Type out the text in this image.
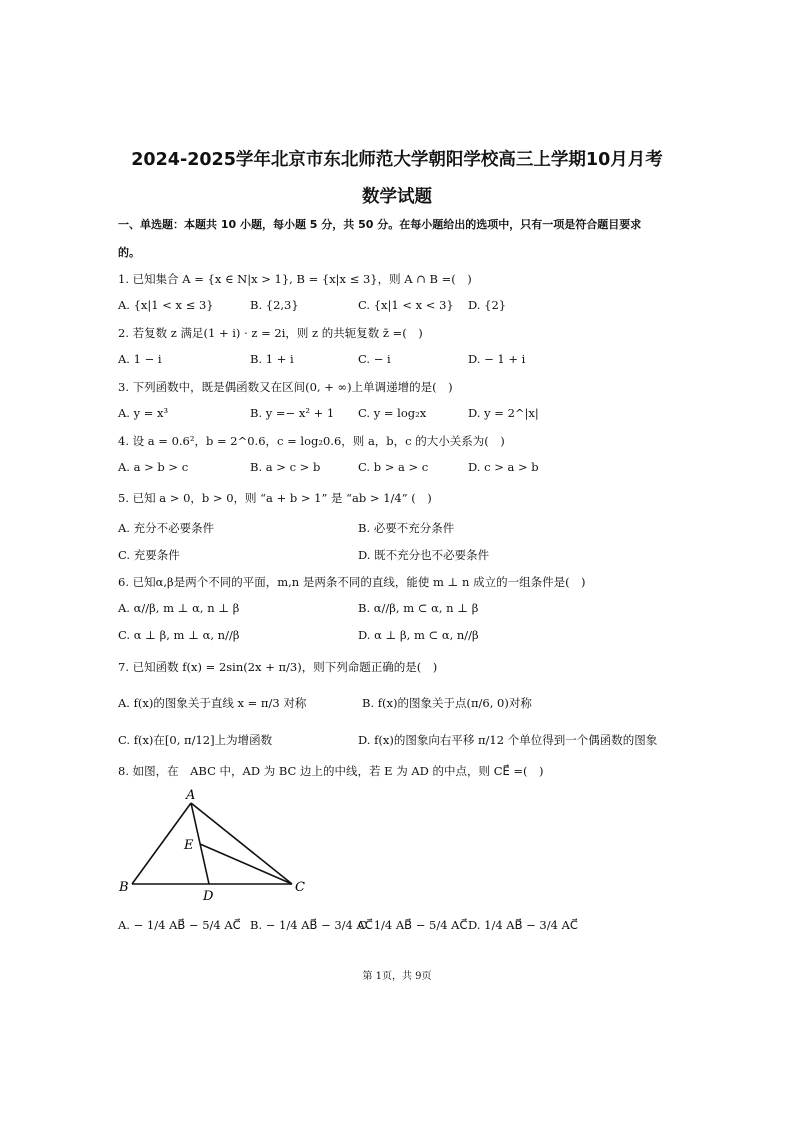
2024-2025学年北京市东北师范大学朝阳学校高三上学期10月月考
数学试题
一、单选题：本题共 10 小题，每小题 5 分，共 50 分。在每小题给出的选项中，只有一项是符合题目要求
的。
1. 已知集合 A = {x ∈ N|x > 1}, B = {x|x ≤ 3}，则 A ∩ B =(　)
A. {x|1 < x ≤ 3}	B. {2,3}	C. {x|1 < x < 3} D. {2}
2. 若复数 z 满足(1 + i) · z = 2i，则 z 的共轭复数 z̄ =(　)
A. 1 − i	B. 1 + i	C. − i	D. − 1 + i
3. 下列函数中，既是偶函数又在区间(0, + ∞)上单调递增的是(　)
A. y = x³	B. y =− x² + 1 C. y = log₂x	D. y = 2^|x|
4. 设 a = 0.6²，b = 2^0.6，c = log₂0.6，则 a，b，c 的大小关系为(　)
A. a > b > c	B. a > c > b	C. b > a > c	D. c > a > b
5. 已知 a > 0，b > 0，则 “a + b > 1” 是 “ab > 1/4” (　)
A. 充分不必要条件	B. 必要不充分条件
C. 充要条件	D. 既不充分也不必要条件
6. 已知α,β是两个不同的平面，m,n 是两条不同的直线，能使 m ⊥ n 成立的一组条件是(　)
A. α//β, m ⊥ α, n ⊥ β	B. α//β, m ⊂ α, n ⊥ β
C. α ⊥ β, m ⊥ α, n//β	D. α ⊥ β, m ⊂ α, n//β
7. 已知函数 f(x) = 2sin(2x + π/3)，则下列命题正确的是(　)
A. f(x)的图象关于直线 x = π/3 对称	B. f(x)的图象关于点(π/6, 0)对称
C. f(x)在[0, π/12]上为增函数	D. f(x)的图象向右平移 π/12 个单位得到一个偶函数的图象
8. 如图，在　ABC 中，AD 为 BC 边上的中线，若 E 为 AD 的中点，则 CE⃗ =(　)
A
B	C
D
E
A. − 1/4 AB⃗ − 5/4 AC⃗ B. − 1/4 AB⃗ − 3/4 AC⃗
C. 1/4 AB⃗ − 5/4 AC⃗ D. 1/4 AB⃗ − 3/4 AC⃗
第 1页，共 9页
